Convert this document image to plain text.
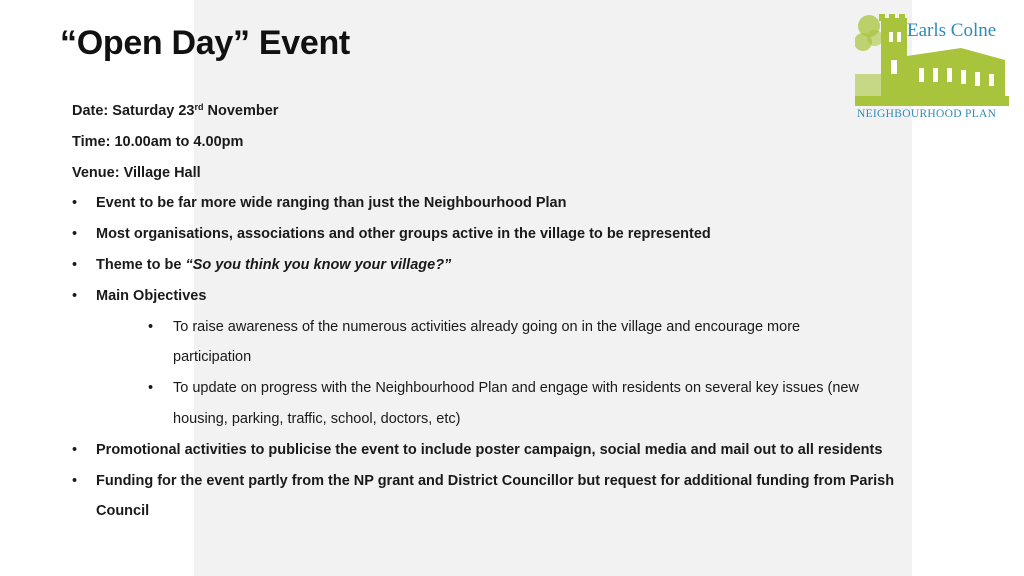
“Open Day” Event	Earls Colne
NEIGHBOURHOOD PLAN
Date: Saturday 23rd November
Time: 10.00am to 4.00pm
Venue: Village Hall
• Event to be far more wide ranging than just the Neighbourhood Plan
• Most organisations, associations and other groups active in the village to be represented
• Theme to be “So you think you know your village?”
• Main Objectives
• To raise awareness of the numerous activities already going on in the village and encourage more
participation
• To update on progress with the Neighbourhood Plan and engage with residents on several key issues (new
housing, parking, traffic, school, doctors, etc)
• Promotional activities to publicise the event to include poster campaign, social media and mail out to all residents
• Funding for the event partly from the NP grant and District Councillor but request for additional funding from Parish Council
